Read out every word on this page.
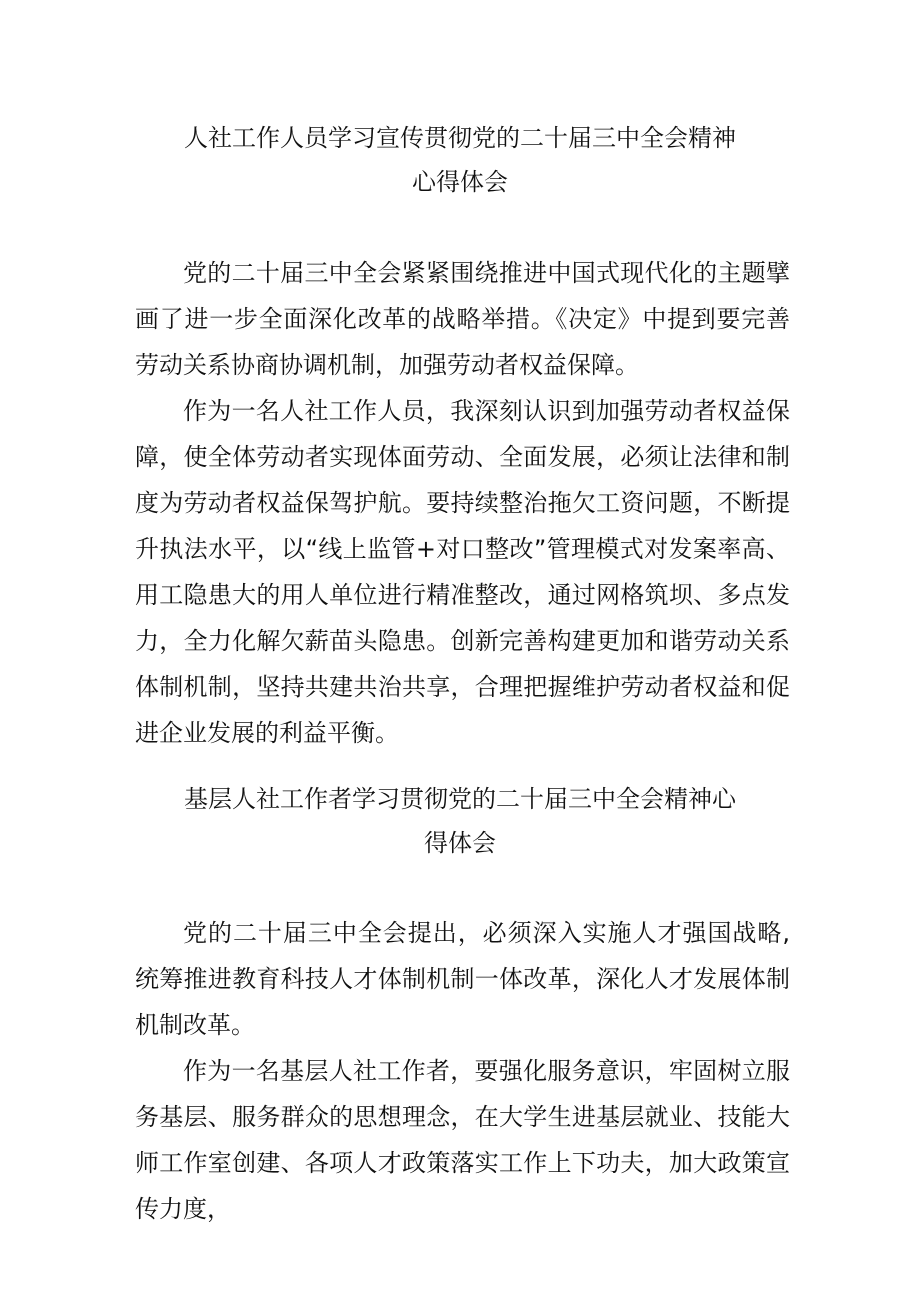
人社工作人员学习宣传贯彻党的二十届三中全会精神
心得体会

党的二十届三中全会紧紧围绕推进中国式现代化的主题擘画了进一步全面深化改革的战略举措。《决定》中提到要完善劳动关系协商协调机制，加强劳动者权益保障。

作为一名人社工作人员，我深刻认识到加强劳动者权益保障，使全体劳动者实现体面劳动、全面发展，必须让法律和制度为劳动者权益保驾护航。要持续整治拖欠工资问题，不断提升执法水平，以“线上监管+对口整改”管理模式对发案率高、用工隐患大的用人单位进行精准整改，通过网格筑坝、多点发力，全力化解欠薪苗头隐患。创新完善构建更加和谐劳动关系体制机制，坚持共建共治共享，合理把握维护劳动者权益和促进企业发展的利益平衡。

基层人社工作者学习贯彻党的二十届三中全会精神心
得体会

党的二十届三中全会提出，必须深入实施人才强国战略,统筹推进教育科技人才体制机制一体改革，深化人才发展体制机制改革。

作为一名基层人社工作者，要强化服务意识，牢固树立服务基层、服务群众的思想理念，在大学生进基层就业、技能大师工作室创建、各项人才政策落实工作上下功夫，加大政策宣传力度，
